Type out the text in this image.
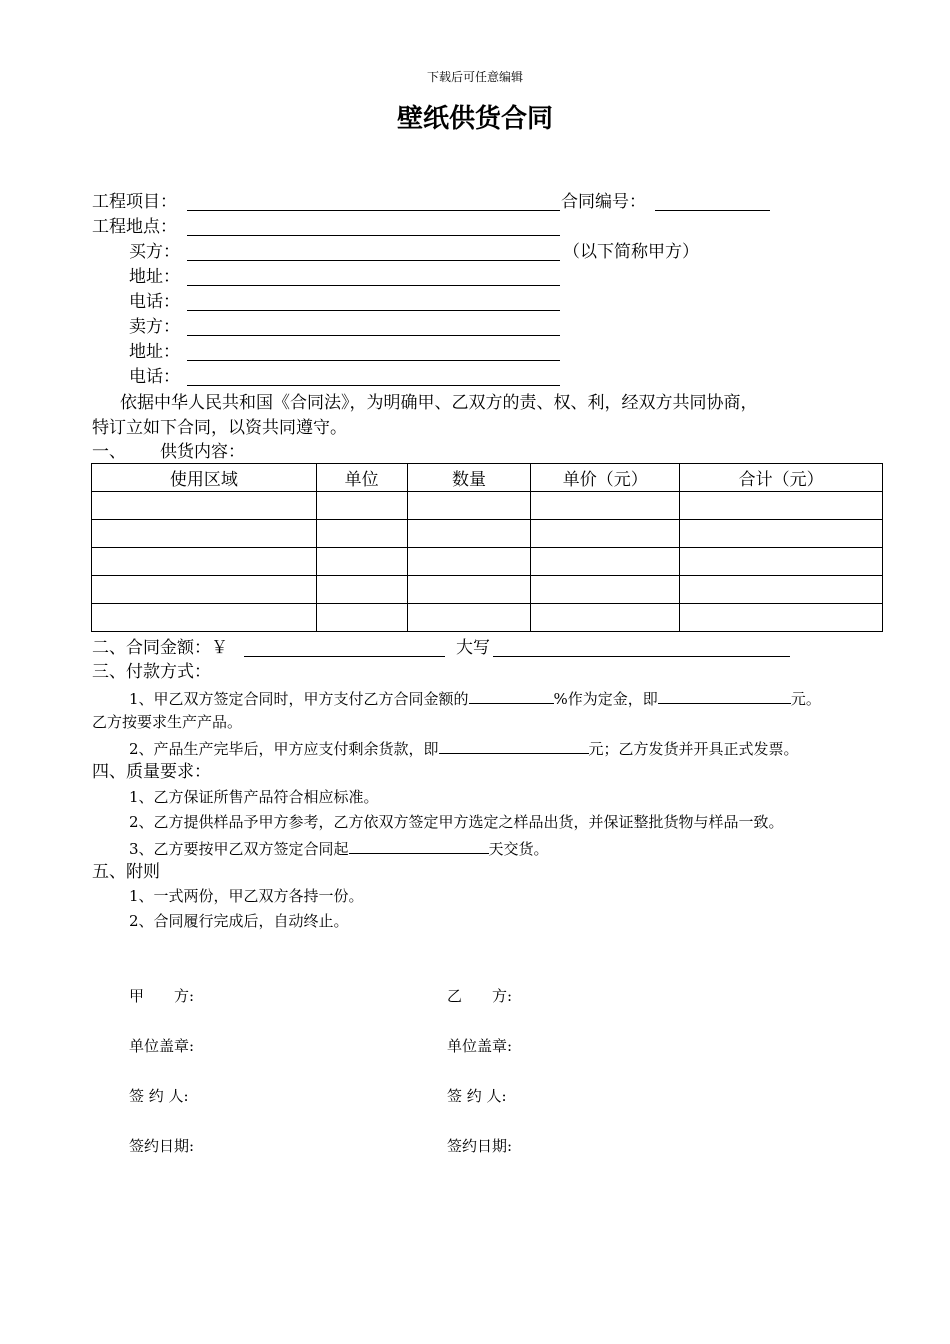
下载后可任意编辑
壁纸供货合同
工程项目：	合同编号：
工程地点：
买方：	（以下简称甲方）
地址：
电话：
卖方：
地址：
电话：
依据中华人民共和国《合同法》，为明确甲、乙双方的责、权、利，经双方共同协商，
特订立如下合同，以资共同遵守。
一、 供货内容：
使用区域	单位	数量	单价（元）	合计（元）

二、合同金额：￥	大写
三、付款方式：
1、甲乙双方签定合同时，甲方支付乙方合同金额的	%作为定金，即	元。
乙方按要求生产产品。
2、产品生产完毕后，甲方应支付剩余货款，即	元；乙方发货并开具正式发票。
四、质量要求：
1、乙方保证所售产品符合相应标准。
2、乙方提供样品予甲方参考，乙方依双方签定甲方选定之样品出货，并保证整批货物与样品一致。
3、乙方要按甲乙双方签定合同起	天交货。
五、附则
1、一式两份，甲乙双方各持一份。
2、合同履行完成后，自动终止。
甲　　方:	乙　　方:
单位盖章:	单位盖章:
签 约 人:	签 约 人:
签约日期:	签约日期:
